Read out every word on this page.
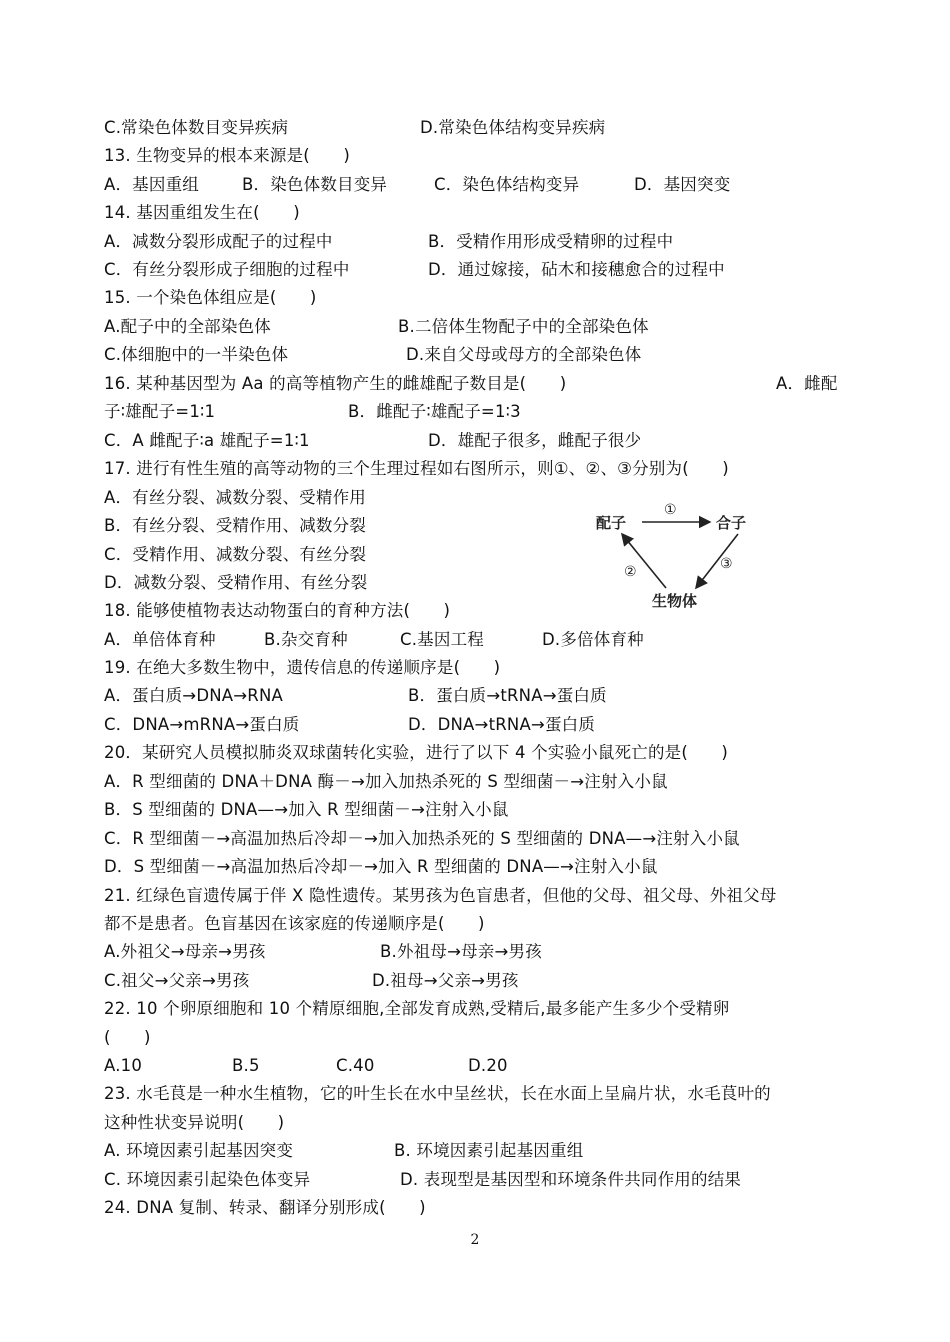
C.常染色体数目变异疾病	D.常染色体结构变异疾病
13. 生物变异的根本来源是(　　)
A．基因重组	B．染色体数目变异	C．染色体结构变异	D．基因突变
14. 基因重组发生在(　　)
A．减数分裂形成配子的过程中	B．受精作用形成受精卵的过程中
C．有丝分裂形成子细胞的过程中	D．通过嫁接，砧木和接穗愈合的过程中
15. 一个染色体组应是(　　)
A.配子中的全部染色体	B.二倍体生物配子中的全部染色体
C.体细胞中的一半染色体	D.来自父母或母方的全部染色体
16. 某种基因型为 Aa 的高等植物产生的雌雄配子数目是(　　)	A．雌配
子∶雄配子=1∶1	B．雌配子∶雄配子=1∶3
C．A 雌配子∶a 雄配子=1∶1	D．雄配子很多，雌配子很少
17. 进行有性生殖的高等动物的三个生理过程如右图所示，则①、②、③分别为(　　)
A．有丝分裂、减数分裂、受精作用
B．有丝分裂、受精作用、减数分裂
C．受精作用、减数分裂、有丝分裂
D．减数分裂、受精作用、有丝分裂
18. 能够使植物表达动物蛋白的育种方法(　　)
A．单倍体育种	B.杂交育种	C.基因工程	D.多倍体育种
19. 在绝大多数生物中，遗传信息的传递顺序是(　　)
A．蛋白质→DNA→RNA	B．蛋白质→tRNA→蛋白质
C．DNA→mRNA→蛋白质	D．DNA→tRNA→蛋白质
20．某研究人员模拟肺炎双球菌转化实验，进行了以下 4 个实验小鼠死亡的是(　　)
A．R 型细菌的 DNA＋DNA 酶－→加入加热杀死的 S 型细菌－→注射入小鼠
B．S 型细菌的 DNA—→加入 R 型细菌－→注射入小鼠
C．R 型细菌－→高温加热后冷却－→加入加热杀死的 S 型细菌的 DNA—→注射入小鼠
D．S 型细菌－→高温加热后冷却－→加入 R 型细菌的 DNA—→注射入小鼠
21. 红绿色盲遗传属于伴 X 隐性遗传。某男孩为色盲患者，但他的父母、祖父母、外祖父母
都不是患者。色盲基因在该家庭的传递顺序是(　　)
A.外祖父→母亲→男孩	B.外祖母→母亲→男孩
C.祖父→父亲→男孩	D.祖母→父亲→男孩
22. 10 个卵原细胞和 10 个精原细胞,全部发育成熟,受精后,最多能产生多少个受精卵
(　　)
A.10	B.5	C.40	D.20
23. 水毛茛是一种水生植物，它的叶生长在水中呈丝状，长在水面上呈扁片状，水毛茛叶的
这种性状变异说明(　　)
A. 环境因素引起基因突变	B. 环境因素引起基因重组
C. 环境因素引起染色体变异	D. 表现型是基因型和环境条件共同作用的结果
24. DNA 复制、转录、翻译分别形成(　　)
配子	合子
生物体
①
②	③
2
